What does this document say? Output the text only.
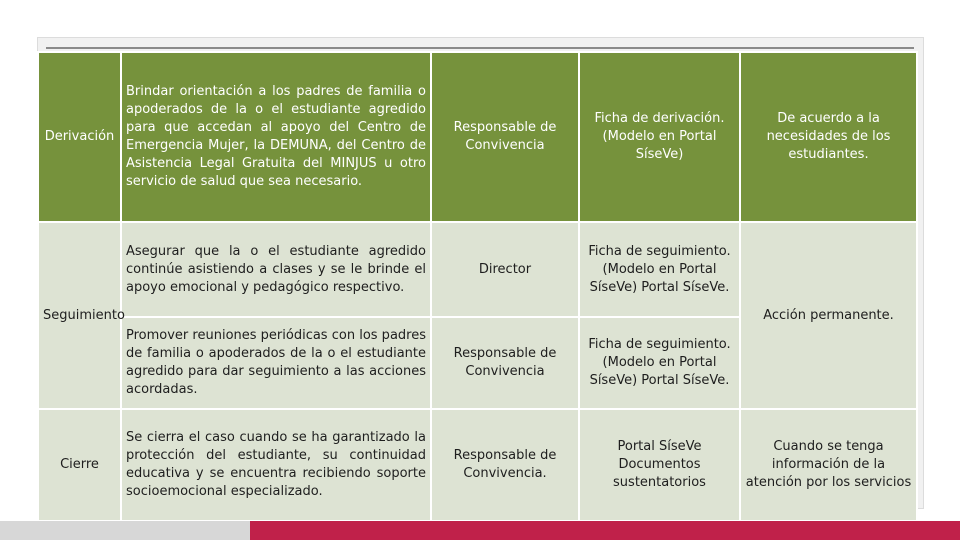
Derivación	Brindar orientación a los padres de familia o apoderados de la o el estudiante agredido para que accedan al apoyo del Centro de Emergencia Mujer, la DEMUNA, del Centro de Asistencia Legal Gratuita del MINJUS u otro servicio de salud que sea necesario.	Responsable de Convivencia	Ficha de derivación. (Modelo en Portal SíseVe)	De acuerdo a la necesidades de los estudiantes.
Seguimiento	Asegurar que la o el estudiante agredido continúe asistiendo a clases y se le brinde el apoyo emocional y pedagógico respectivo.	Director	Ficha de seguimiento. (Modelo en Portal SíseVe) Portal SíseVe.	Acción permanente.
	Promover reuniones periódicas con los padres de familia o apoderados de la o el estudiante agredido para dar seguimiento a las acciones acordadas.	Responsable de Convivencia	Ficha de seguimiento. (Modelo en Portal SíseVe) Portal SíseVe.	
Cierre	Se cierra el caso cuando se ha garantizado la protección del estudiante, su continuidad educativa y se encuentra recibiendo soporte socioemocional especializado.	Responsable de Convivencia.	Portal SíseVe Documentos sustentatorios	Cuando se tenga información de la atención por los servicios
